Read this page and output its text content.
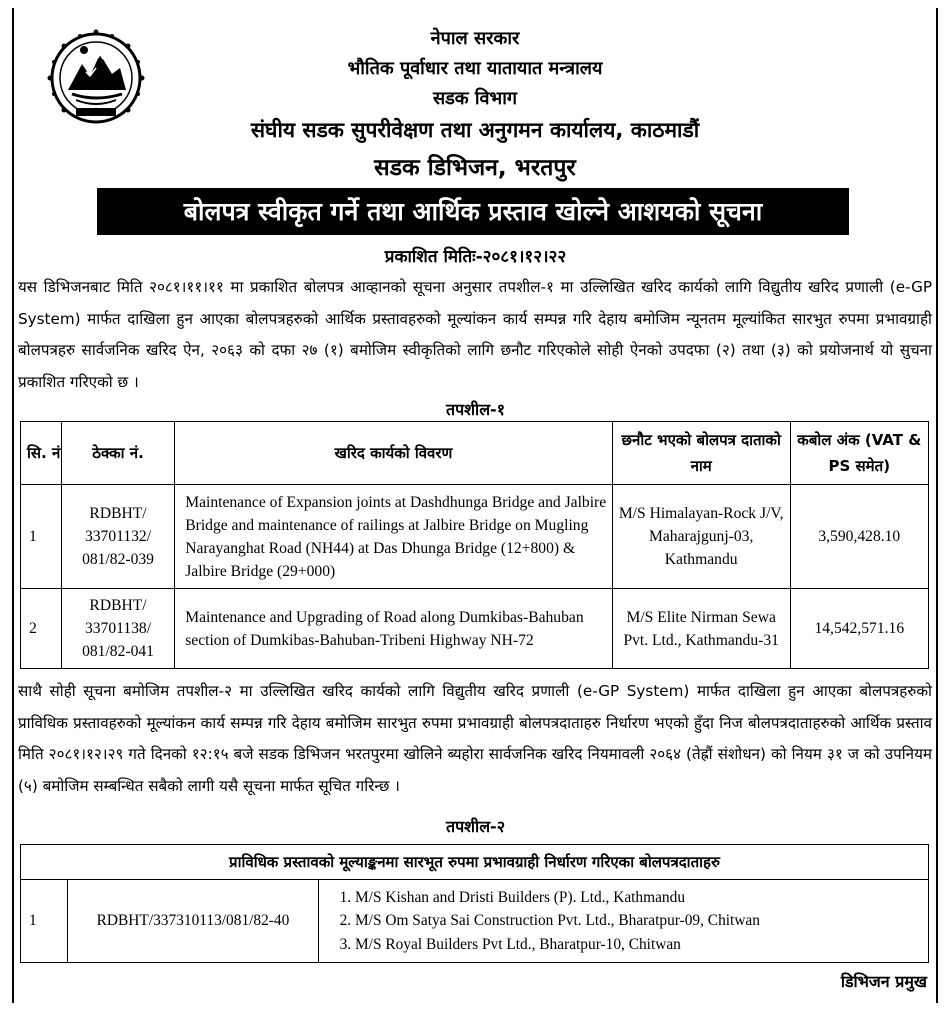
नेपाल सरकार
भौतिक पूर्वाधार तथा यातायात मन्त्रालय
सडक विभाग
संघीय सडक सुपरीवेक्षण तथा अनुगमन कार्यालय, काठमाडौं
सडक डिभिजन, भरतपुर
बोलपत्र स्वीकृत गर्ने तथा आर्थिक प्रस्ताव खोल्ने आशयको सूचना
प्रकाशित मितिः-२०८१।१२।२२
यस डिभिजनबाट मिति २०८१।११।११ मा प्रकाशित बोलपत्र आव्हानको सूचना अनुसार तपशील-१ मा उल्लिखित खरिद कार्यको लागि विद्युतीय खरिद प्रणाली (e-GP System) मार्फत दाखिला हुन आएका बोलपत्रहरुको आर्थिक प्रस्तावहरुको मूल्यांकन कार्य सम्पन्न गरि देहाय बमोजिम न्यूनतम मूल्यांकित सारभुत रुपमा प्रभावग्राही बोलपत्रहरु सार्वजनिक खरिद ऐन, २०६३ को दफा २७ (१) बमोजिम स्वीकृतिको लागि छनौट गरिएकोले सोही ऐनको उपदफा (२) तथा (३) को प्रयोजनार्थ यो सुचना प्रकाशित गरिएको छ ।
तपशील-१
सि. नं	ठेक्का नं.	खरिद कार्यको विवरण	छनौट भएको बोलपत्र दाताको नाम	कबोल अंक (VAT & PS समेत)
1	RDBHT/ 33701132/ 081/82-039	Maintenance of Expansion joints at Dashdhunga Bridge and Jalbire Bridge and maintenance of railings at Jalbire Bridge on Mugling Narayanghat Road (NH44) at Das Dhunga Bridge (12+800) & Jalbire Bridge (29+000)	M/S Himalayan-Rock J/V, Maharajgunj-03, Kathmandu	3,590,428.10
2	RDBHT/ 33701138/ 081/82-041	Maintenance and Upgrading of Road along Dumkibas-Bahuban section of Dumkibas-Bahuban-Tribeni Highway NH-72	M/S Elite Nirman Sewa Pvt. Ltd., Kathmandu-31	14,542,571.16
साथै सोही सूचना बमोजिम तपशील-२ मा उल्लिखित खरिद कार्यको लागि विद्युतीय खरिद प्रणाली (e-GP System) मार्फत दाखिला हुन आएका बोलपत्रहरुको प्राविधिक प्रस्तावहरुको मूल्यांकन कार्य सम्पन्न गरि देहाय बमोजिम सारभुत रुपमा प्रभावग्राही बोलपत्रदाताहरु निर्धारण भएको हुँदा निज बोलपत्रदाताहरुको आर्थिक प्रस्ताव मिति २०८१।१२।२९ गते दिनको १२:१५ बजे सडक डिभिजन भरतपुरमा खोलिने ब्यहोरा सार्वजनिक खरिद नियमावली २०६४ (तेह्रौं संशोधन) को नियम ३१ ज को उपनियम (५) बमोजिम सम्बन्धित सबैको लागी यसै सूचना मार्फत सूचित गरिन्छ ।
तपशील-२
प्राविधिक प्रस्तावको मूल्याङ्कनमा सारभूत रुपमा प्रभावग्राही निर्धारण गरिएका बोलपत्रदाताहरु
1	RDBHT/337310113/081/82-40	
1. M/S Kishan and Dristi Builders (P). Ltd., Kathmandu
2. M/S Om Satya Sai Construction Pvt. Ltd., Bharatpur-09, Chitwan
3. M/S Royal Builders Pvt Ltd., Bharatpur-10, Chitwan
डिभिजन प्रमुख
